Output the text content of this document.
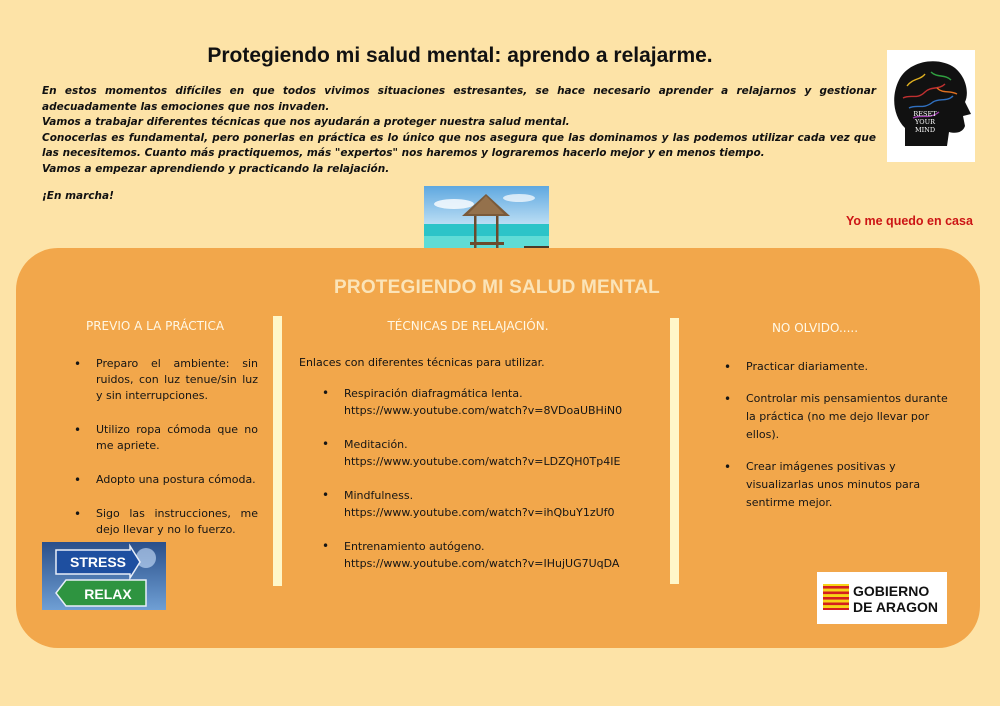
Protegiendo mi salud mental: aprendo a relajarme.

En estos momentos difíciles en que todos vivimos situaciones estresantes, se hace necesario aprender a relajarnos y gestionar adecuadamente las emociones que nos invaden.

Vamos a trabajar diferentes técnicas que nos ayudarán a proteger nuestra salud mental.

Conocerlas es fundamental, pero ponerlas en práctica es lo único que nos asegura que las dominamos y las podemos utilizar cada vez que las necesitemos. Cuanto más practiquemos, más "expertos" nos haremos y lograremos hacerlo mejor y en menos tiempo.

Vamos a empezar aprendiendo y practicando la relajación.

¡En marcha!

RESET
YOUR
MIND
Yo me quedo en casa
PROTEGIENDO MI SALUD MENTAL
PREVIO A LA PRÁCTICA	TÉCNICAS DE RELAJACIÓN.	NO OLVIDO.....
• Preparo el ambiente: sin ruidos, con luz tenue/sin luz y sin interrupciones.
• Utilizo ropa cómoda que no me apriete.
• Adopto una postura cómoda.
• Sigo las instrucciones, me dejo llevar y no lo fuerzo.
Enlaces con diferentes técnicas para utilizar.
• Respiración diafragmática lenta.
https://www.youtube.com/watch?v=8VDoaUBHiN0
• Meditación.
https://www.youtube.com/watch?v=LDZQH0Tp4IE
• Mindfulness.
https://www.youtube.com/watch?v=ihQbuY1zUf0
• Entrenamiento autógeno.
https://www.youtube.com/watch?v=IHujUG7UqDA
• Practicar diariamente.
• Controlar mis pensamientos durante la práctica (no me dejo llevar por ellos).
• Crear imágenes positivas y visualizarlas unos minutos para sentirme mejor.
STRESS
RELAX	GOBIERNO
DE ARAGON
